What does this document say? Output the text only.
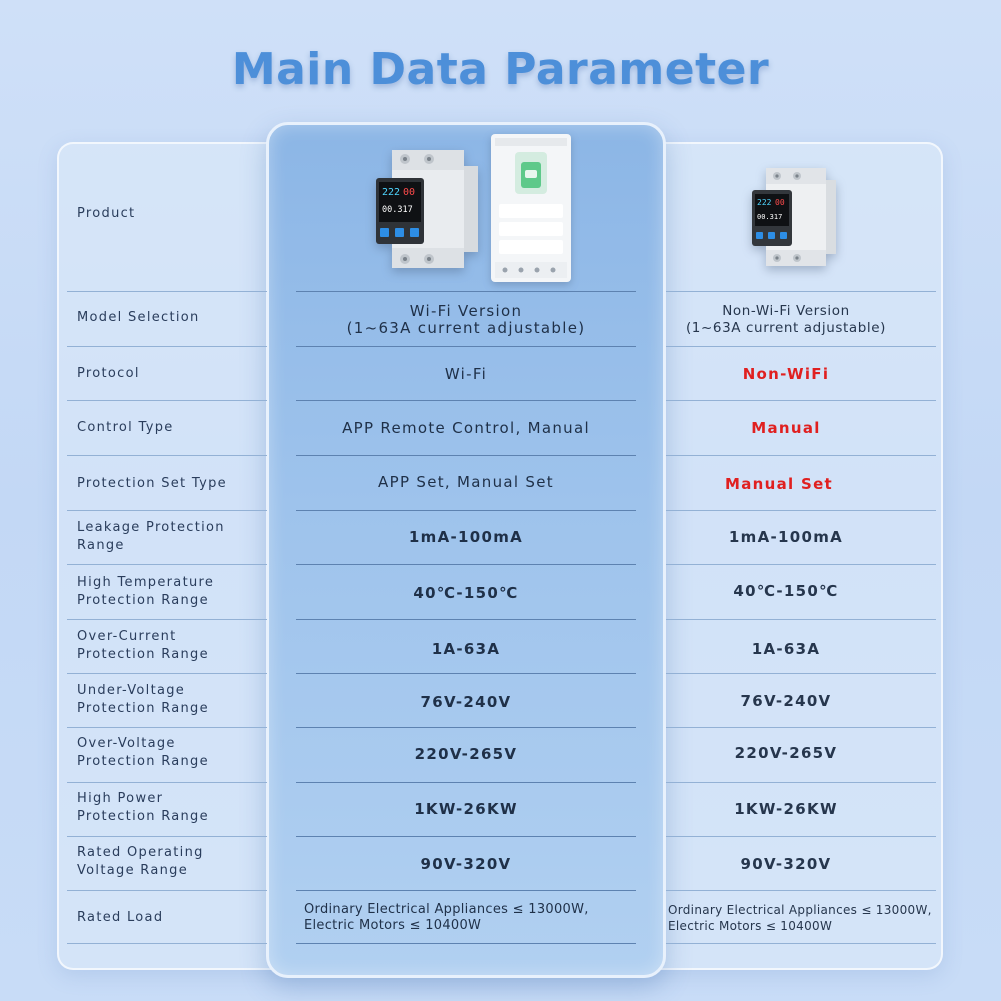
Main Data Parameter
222 00
00.317
222 00
00.317
Product
Model Selection
Protocol
Control Type
Protection Set Type
Leakage Protection
Range
High Temperature
Protection Range
Over-Current
Protection Range
Under-Voltage
Protection Range
Over-Voltage
Protection Range
High Power
Protection Range
Rated Operating
Voltage Range
Rated Load
Wi-Fi Version
(1~63A current adjustable)
Wi-Fi
APP Remote Control, Manual
APP Set, Manual Set
1mA-100mA
40℃-150℃
1A-63A
76V-240V
220V-265V
1KW-26KW
90V-320V
Ordinary Electrical Appliances ≤ 13000W,
Electric Motors ≤ 10400W
Non-Wi-Fi Version
(1~63A current adjustable)
Non-WiFi
Manual
Manual Set
1mA-100mA
40℃-150℃
1A-63A
76V-240V
220V-265V
1KW-26KW
90V-320V
Ordinary Electrical Appliances ≤ 13000W,
Electric Motors ≤ 10400W
